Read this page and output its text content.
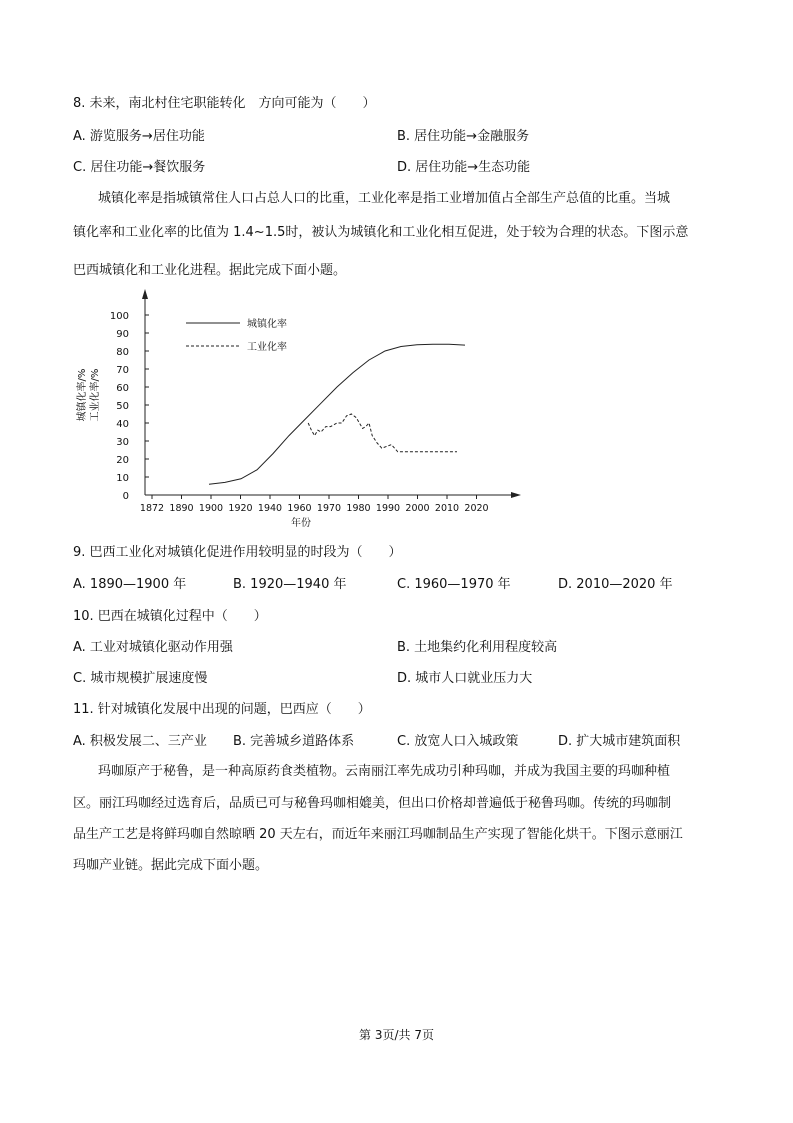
8. 未来，南北村住宅职能转化　方向可能为（　　）
A. 游览服务→居住功能	B. 居住功能→金融服务
C. 居住功能→餐饮服务	D. 居住功能→生态功能
城镇化率是指城镇常住人口占总人口的比重，工业化率是指工业增加值占全部生产总值的比重。当城
镇化率和工业化率的比值为 1.4~1.5时，被认为城镇化和工业化相互促进，处于较为合理的状态。下图示意
巴西城镇化和工业化进程。据此完成下面小题。
0
10
20
30
40
50
60
70
80
90
100
1872 1890 1900 1920 1940 1960 1970 1980 1990 2000 2010 2020
城镇化率
工业化率
城镇化率/% 工业化率/%
年份
9. 巴西工业化对城镇化促进作用较明显的时段为（　　）
A. 1890—1900 年	B. 1920—1940 年	C. 1960—1970 年	D. 2010—2020 年
10. 巴西在城镇化过程中（　　）
A. 工业对城镇化驱动作用强	B. 土地集约化利用程度较高
C. 城市规模扩展速度慢	D. 城市人口就业压力大
11. 针对城镇化发展中出现的问题，巴西应（　　）
A. 积极发展二、三产业 B. 完善城乡道路体系	C. 放宽人口入城政策	D. 扩大城市建筑面积
玛咖原产于秘鲁，是一种高原药食类植物。云南丽江率先成功引种玛咖，并成为我国主要的玛咖种植
区。丽江玛咖经过选育后，品质已可与秘鲁玛咖相媲美，但出口价格却普遍低于秘鲁玛咖。传统的玛咖制
品生产工艺是将鲜玛咖自然晾晒 20 天左右，而近年来丽江玛咖制品生产实现了智能化烘干。下图示意丽江
玛咖产业链。据此完成下面小题。
第 3页/共 7页
